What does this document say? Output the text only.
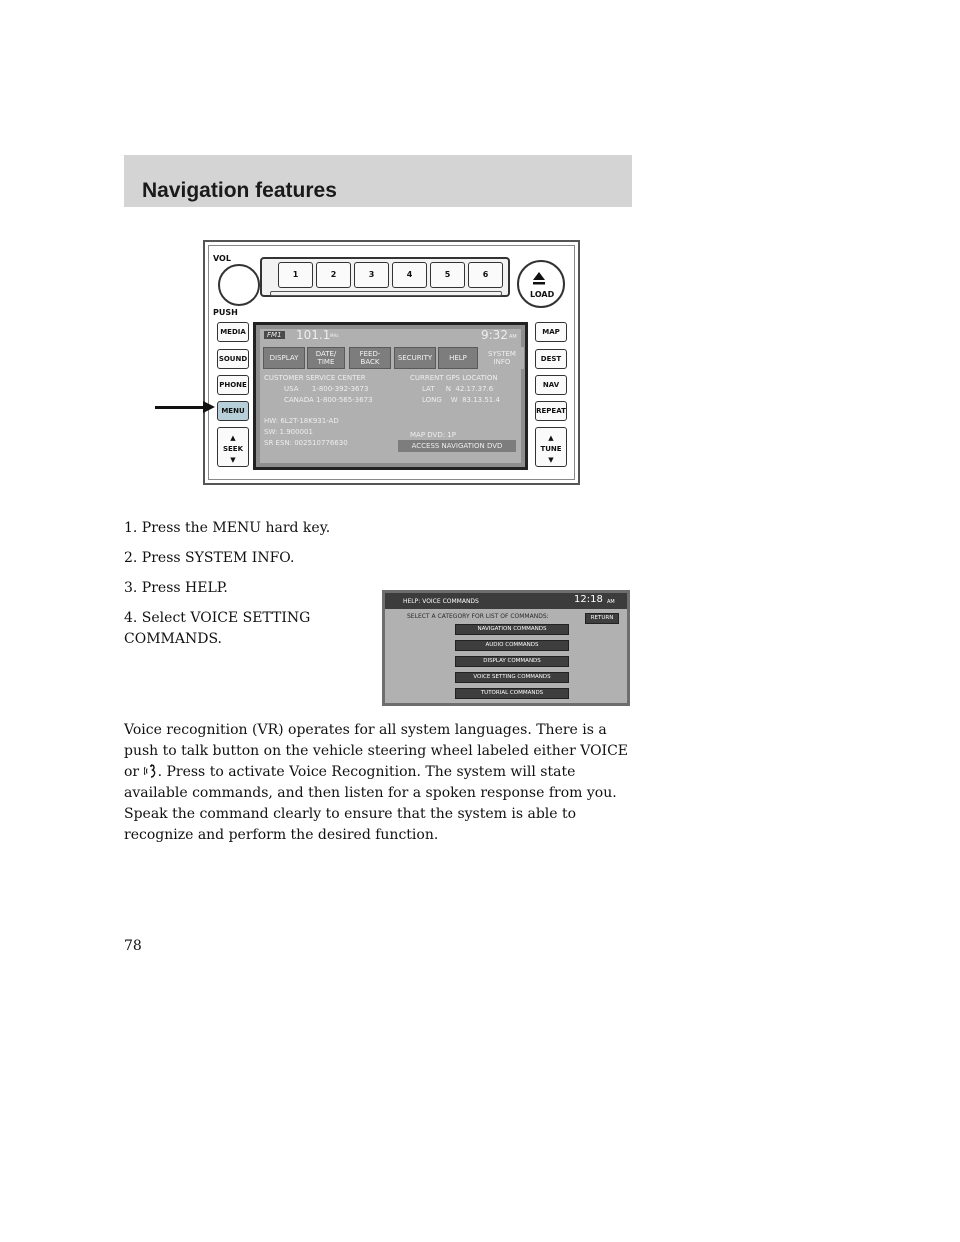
Navigation features
VOL
PUSH
1	2	3	4	5	6
LOAD
MEDIA
SOUND
PHONE
MENU
▲
SEEK
▼
MAP
DEST
NAV
REPEAT
▲
TUNE
▼
FM1 101.1 MHz	9:32 AM
DISPLAY	DATE/ TIME
FEED- BACK	SECURITY	HELP	SYSTEM INFO
CUSTOMER SERVICE CENTER
USA      1-800-392-3673
CANADA 1-800-565-3673
CURRENT GPS LOCATION
LAT     N  42.17.37.6
LONG    W  83.13.51.4
HW: 6L2T-18K931-AD
SW: 1.900001
SR ESN: 002510776630
MAP DVD: 1P
ACCESS NAVIGATION DVD
1. Press the MENU hard key.
2. Press SYSTEM INFO.
3. Press HELP.
4. Select VOICE SETTING COMMANDS.
HELP: VOICE COMMANDS	12:18 AM
SELECT A CATEGORY FOR LIST OF COMMANDS:	RETURN
NAVIGATION COMMANDS
AUDIO COMMANDS
DISPLAY COMMANDS
VOICE SETTING COMMANDS
TUTORIAL COMMANDS
Voice recognition (VR) operates for all system languages. There is a push to talk button on the vehicle steering wheel labeled either VOICE or . Press to activate Voice Recognition. The system will state available commands, and then listen for a spoken response from you. Speak the command clearly to ensure that the system is able to recognize and perform the desired function.
78
